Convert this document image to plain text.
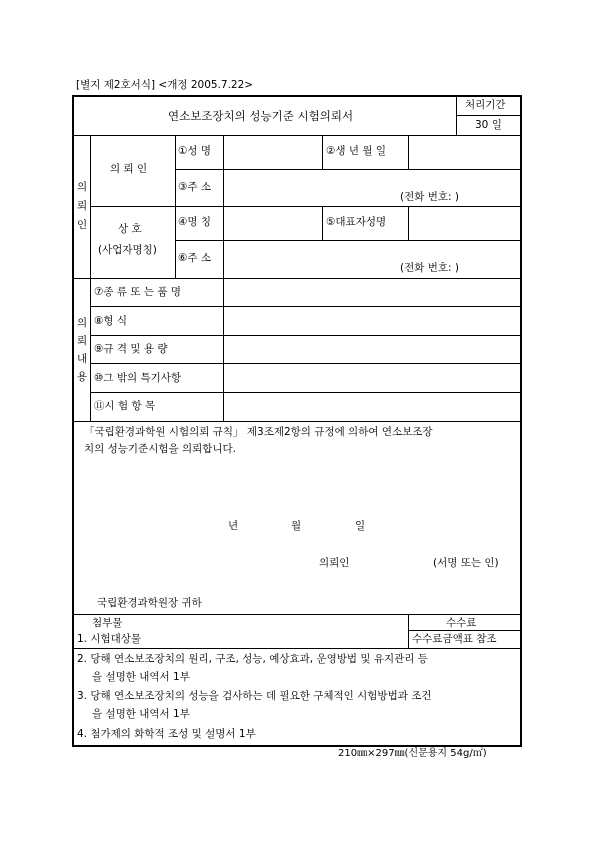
[별지 제2호서식] <개정 2005.7.22>
연소보조장치의 성능기준 시험의뢰서
처리기간
30 일
의
뢰
인
의 뢰 인
①성 명	②생 년 월 일
③주 소
(전화 번호: )
상 호
(사업자명칭)
④명 칭	⑤대표자성명
⑥주 소
(전화 번호: )
의
뢰
내
용
⑦종 류 또 는 품 명
⑧형 식
⑨규 격 및 용 량
⑩그 밖의 특기사항
⑪시 험 항 목
「국립환경과학원 시험의뢰 규칙」 제3조제2항의 규정에 의하여 연소보조장
치의 성능기준시험을 의뢰합니다.
년	월	일
의뢰인	(서명 또는 인)
국립환경과학원장 귀하
첨부물	수수료
수수료금액표 참조
1. 시험대상물
2. 당해 연소보조장치의 원리, 구조, 성능, 예상효과, 운영방법 및 유지관리 등
을 설명한 내역서 1부
3. 당해 연소보조장치의 성능을 검사하는 데 필요한 구체적인 시험방법과 조건
을 설명한 내역서 1부
4. 첨가제의 화학적 조성 및 설명서 1부
210㎜×297㎜(신문용지 54g/㎡)
